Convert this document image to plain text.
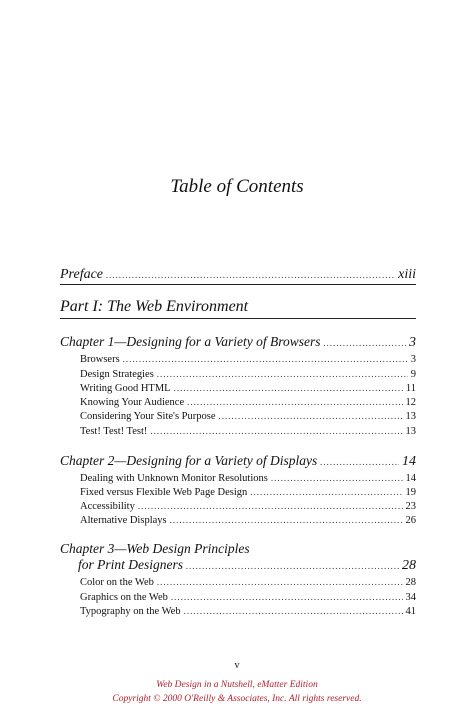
Table of Contents
Preface .....	xiii
Part I: The Web Environment
Chapter 1—Designing for a Variety of Browsers .....	3
Browsers .....	3
Design Strategies .....	9
Writing Good HTML .....	11
Knowing Your Audience .....	12
Considering Your Site's Purpose .....	13
Test! Test! Test! .....	13
Chapter 2—Designing for a Variety of Displays .....	14
Dealing with Unknown Monitor Resolutions .....	14
Fixed versus Flexible Web Page Design .....	19
Accessibility .....	23
Alternative Displays .....	26
Chapter 3—Web Design Principles
for Print Designers .....	28
Color on the Web .....	28
Graphics on the Web .....	34
Typography on the Web .....	41
v
Web Design in a Nutshell, eMatter Edition
Copyright © 2000 O'Reilly & Associates, Inc. All rights reserved.
